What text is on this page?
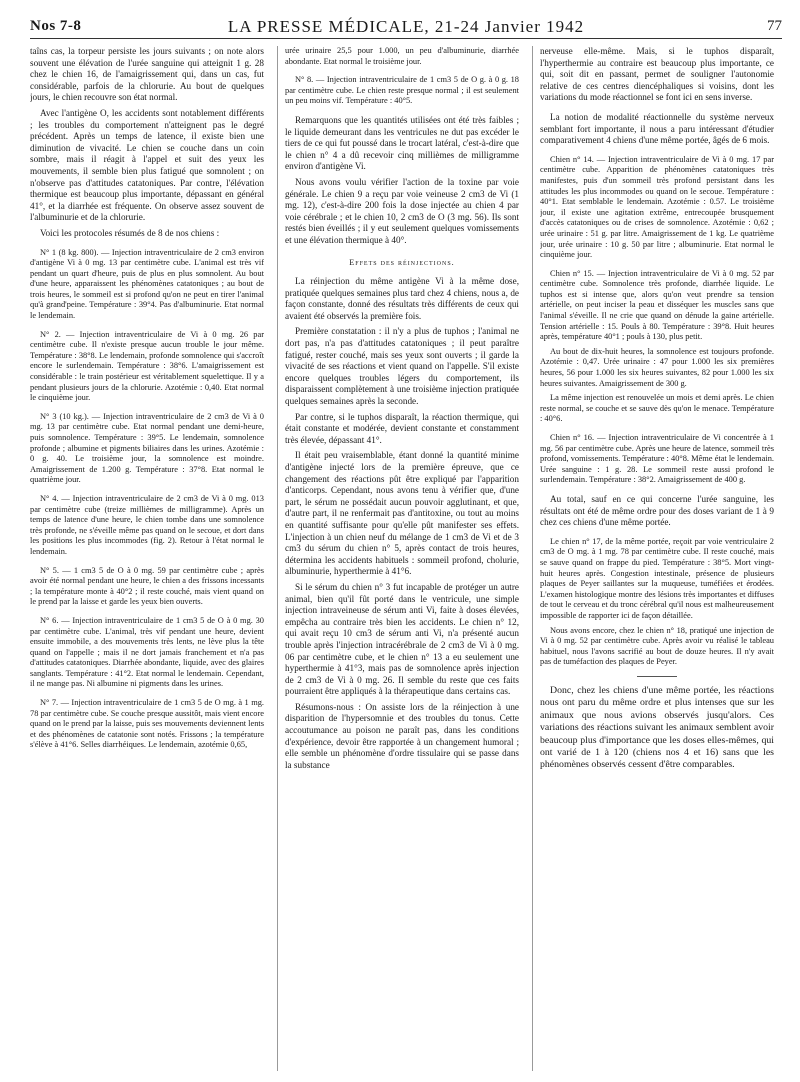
Nos 7-8	LA PRESSE MÉDICALE, 21-24 Janvier 1942	77

taîns cas, la torpeur persiste les jours suivants ; on note alors souvent une élévation de l'urée sanguine qui atteignit 1 g. 28 chez le chien 16, de l'amaigrissement qui, dans un cas, fut considérable, parfois de la chlorurie. Au bout de quelques jours, le chien recouvre son état normal.

Avec l'antigène O, les accidents sont notablement différents ; les troubles du comportement n'atteignent pas le degré précédent. Après un temps de latence, il existe bien une diminution de vivacité. Le chien se couche dans un coin sombre, mais il réagit à l'appel et suit des yeux les mouvements, il semble bien plus fatigué que somnolent ; on n'observe pas d'attitudes catatoniques. Par contre, l'élévation thermique est beaucoup plus importante, dépassant en général 41°, et la diarrhée est fréquente. On observe assez souvent de l'albuminurie et de la chlorurie.

Voici les protocoles résumés de 8 de nos chiens :

N° 1 (8 kg. 800). — Injection intraventriculaire de 2 cm3 environ d'antigène Vi à 0 mg. 13 par centimètre cube. L'animal est très vif pendant un quart d'heure, puis de plus en plus somnolent. Au bout d'une heure, apparaissent les phénomènes catatoniques ; au bout de trois heures, le sommeil est si profond qu'on ne peut en tirer l'animal qu'à grand'peine. Température : 39°4. Pas d'albuminurie. Etat normal le lendemain.

N° 2. — Injection intraventriculaire de Vi à 0 mg. 26 par centimètre cube. Il n'existe presque aucun trouble le jour même. Température : 38°8. Le lendemain, profonde somnolence qui s'accroît encore le surlendemain. Température : 38°6. L'amaigrissement est considérable : le train postérieur est véritablement squelettique. Il y a pendant plusieurs jours de la chlorurie. Azotémie : 0,40. Etat normal le cinquième jour.

N° 3 (10 kg.). — Injection intraventriculaire de 2 cm3 de Vi à 0 mg. 13 par centimètre cube. Etat normal pendant une demi-heure, puis somnolence. Température : 39°5. Le lendemain, somnolence profonde ; albumine et pigments biliaires dans les urines. Azotémie : 0 g. 40. Le troisième jour, la somnolence est moindre. Amaigrissement de 1.200 g. Température : 37°8. Etat normal le quatrième jour.

N° 4. — Injection intraventriculaire de 2 cm3 de Vi à 0 mg. 013 par centimètre cube (treize millièmes de milligramme). Après un temps de latence d'une heure, le chien tombe dans une somnolence très profonde, ne s'éveille même pas quand on le secoue, et dort dans les positions les plus incommodes (fig. 2). Retour à l'état normal le lendemain.

N° 5. — 1 cm3 5 de O à 0 mg. 59 par centimètre cube ; après avoir été normal pendant une heure, le chien a des frissons incessants ; la température monte à 40°2 ; il reste couché, mais vient quand on le prend par la laisse et garde les yeux bien ouverts.

N° 6. — Injection intraventriculaire de 1 cm3 5 de O à 0 mg. 30 par centimètre cube. L'animal, très vif pendant une heure, devient ensuite immobile, a des mouvements très lents, ne lève plus la tête quand on l'appelle ; mais il ne dort jamais franchement et n'a pas d'attitudes catatoniques. Diarrhée abondante, liquide, avec des glaires sanglants. Température : 41°2. Etat normal le lendemain. Cependant, il ne mange pas. Ni albumine ni pigments dans les urines.

N° 7. — Injection intraventriculaire de 1 cm3 5 de O mg. à 1 mg. 78 par centimètre cube. Se couche presque aussitôt, mais vient encore quand on le prend par la laisse, puis ses mouvements deviennent lents et des phénomènes de catatonie sont notés. Frissons ; la température s'élève à 41°6. Selles diarrhéiques. Le lendemain, azotémie 0,65,

urée urinaire 25,5 pour 1.000, un peu d'albuminurie, diarrhée abondante. Etat normal le troisième jour.

N° 8. — Injection intraventriculaire de 1 cm3 5 de O g. à 0 g. 18 par centimètre cube. Le chien reste presque normal ; il est seulement un peu moins vif. Température : 40°5.

Remarquons que les quantités utilisées ont été très faibles ; le liquide demeurant dans les ventricules ne dut pas excéder le tiers de ce qui fut poussé dans le trocart latéral, c'est-à-dire que le chien n° 4 a dû recevoir cinq millièmes de milligramme environ d'antigène Vi.

Nous avons voulu vérifier l'action de la toxine par voie générale. Le chien 9 a reçu par voie veineuse 2 cm3 de Vi (1 mg. 12), c'est-à-dire 200 fois la dose injectée au chien 4 par voie cérébrale ; et le chien 10, 2 cm3 de O (3 mg. 56). Ils sont restés bien éveillés ; il y eut seulement quelques vomissements et une élévation thermique à 40°.

Effets des réinjections.

La réinjection du même antigène Vi à la même dose, pratiquée quelques semaines plus tard chez 4 chiens, nous a, de façon constante, donné des résultats très différents de ceux qui avaient été observés la première fois.

Première constatation : il n'y a plus de tuphos ; l'animal ne dort pas, n'a pas d'attitudes catatoniques ; il peut paraître fatigué, rester couché, mais ses yeux sont ouverts ; il garde la vivacité de ses réactions et vient quand on l'appelle. S'il existe encore quelques troubles légers du comportement, ils disparaissent complètement à une troisième injection pratiquée quelques semaines après la seconde.

Par contre, si le tuphos disparaît, la réaction thermique, qui était constante et modérée, devient constante et constamment très élevée, dépassant 41°.

Il était peu vraisemblable, étant donné la quantité minime d'antigène injecté lors de la première épreuve, que ce changement des réactions pût être expliqué par l'apparition d'anticorps. Cependant, nous avons tenu à vérifier que, d'une part, le sérum ne possédait aucun pouvoir agglutinant, et que, d'autre part, il ne renfermait pas d'antitoxine, ou tout au moins en quantité suffisante pour qu'elle pût manifester ses effets. L'injection à un chien neuf du mélange de 1 cm3 de Vi et de 3 cm3 du sérum du chien n° 5, après contact de trois heures, détermina les accidents habituels : sommeil profond, cholurie, albuminurie, hyperthermie à 41°6.

Si le sérum du chien n° 3 fut incapable de protéger un autre animal, bien qu'il fût porté dans le ventricule, une simple injection intraveineuse de sérum anti Vi, faite à doses élevées, empêcha au contraire très bien les accidents. Le chien n° 12, qui avait reçu 10 cm3 de sérum anti Vi, n'a présenté aucun trouble après l'injection intracérébrale de 2 cm3 de Vi à 0 mg. 06 par centimètre cube, et le chien n° 13 a eu seulement une hyperthermie à 41°3, mais pas de somnolence après injection de 2 cm3 de Vi à 0 mg. 26. Il semble du reste que ces faits pourraient être appliqués à la thérapeutique dans certains cas.

Résumons-nous : On assiste lors de la réinjection à une disparition de l'hypersomnie et des troubles du tonus. Cette accoutumance au poison ne paraît pas, dans les conditions d'expérience, devoir être rapportée à un changement humoral ; elle semble un phénomène d'ordre tissulaire qui se passe dans la substance

nerveuse elle-même. Mais, si le tuphos disparaît, l'hyperthermie au contraire est beaucoup plus importante, ce qui, soit dit en passant, permet de souligner l'autonomie relative de ces centres diencéphaliques si voisins, dont les variations du mode réactionnel se font ici en sens inverse.

La notion de modalité réactionnelle du système nerveux semblant fort importante, il nous a paru intéressant d'étudier comparativement 4 chiens d'une même portée, âgés de 6 mois.

Chien n° 14. — Injection intraventriculaire de Vi à 0 mg. 17 par centimètre cube. Apparition de phénomènes catatoniques très manifestes, puis d'un sommeil très profond persistant dans les attitudes les plus incommodes ou quand on le secoue. Température : 40°1. Etat semblable le lendemain. Azotémie : 0.57. Le troisième jour, il existe une agitation extrême, entrecoupée brusquement d'accès catatoniques ou de crises de somnolence. Azotémie : 0,62 ; urée urinaire : 51 g. par litre. Amaigrissement de 1 kg. Le quatrième jour, urée urinaire : 10 g. 50 par litre ; albuminurie. Etat normal le cinquième jour.

Chien n° 15. — Injection intraventriculaire de Vi à 0 mg. 52 par centimètre cube. Somnolence très profonde, diarrhée liquide. Le tuphos est si intense que, alors qu'on veut prendre sa tension artérielle, on peut inciser la peau et disséquer les muscles sans que l'animal s'éveille. Il ne crie que quand on dénude la gaine artérielle. Tension artérielle : 15. Pouls à 80. Température : 39°8. Huit heures après, température 40°1 ; pouls à 130, plus petit.

Au bout de dix-huit heures, la somnolence est toujours profonde. Azotémie : 0,47. Urée urinaire : 47 pour 1.000 les six premières heures, 56 pour 1.000 les six heures suivantes, 82 pour 1.000 les six heures suivantes. Amaigrissement de 300 g.

La même injection est renouvelée un mois et demi après. Le chien reste normal, se couche et se sauve dès qu'on le menace. Température : 40°6.

Chien n° 16. — Injection intraventriculaire de Vi concentrée à 1 mg. 56 par centimètre cube. Après une heure de latence, sommeil très profond, vomissements. Température : 40°8. Même état le lendemain. Urée sanguine : 1 g. 28. Le sommeil reste aussi profond le surlendemain. Température : 38°2. Amaigrissement de 400 g.

Au total, sauf en ce qui concerne l'urée sanguine, les résultats ont été de même ordre pour des doses variant de 1 à 9 chez ces chiens d'une même portée.

Le chien n° 17, de la même portée, reçoit par voie ventriculaire 2 cm3 de O mg. à 1 mg. 78 par centimètre cube. Il reste couché, mais se sauve quand on frappe du pied. Température : 38°5. Mort vingt-huit heures après. Congestion intestinale, présence de plusieurs plaques de Peyer saillantes sur la muqueuse, tuméfiées et érodées. L'examen histologique montre des lésions très importantes et diffuses de tout le cerveau et du tronc cérébral qu'il nous est malheureusement impossible de rapporter ici de façon détaillée.

Nous avons encore, chez le chien n° 18, pratiqué une injection de Vi à 0 mg. 52 par centimètre cube. Après avoir vu réalisé le tableau habituel, nous l'avons sacrifié au bout de douze heures. Il n'y avait pas de tuméfaction des plaques de Peyer.

Donc, chez les chiens d'une même portée, les réactions nous ont paru du même ordre et plus intenses que sur les animaux que nous avions observés jusqu'alors. Ces variations des réactions suivant les animaux semblent avoir beaucoup plus d'importance que les doses elles-mêmes, qui ont varié de 1 à 120 (chiens nos 4 et 16) sans que les phénomènes observés cessent d'être comparables.
